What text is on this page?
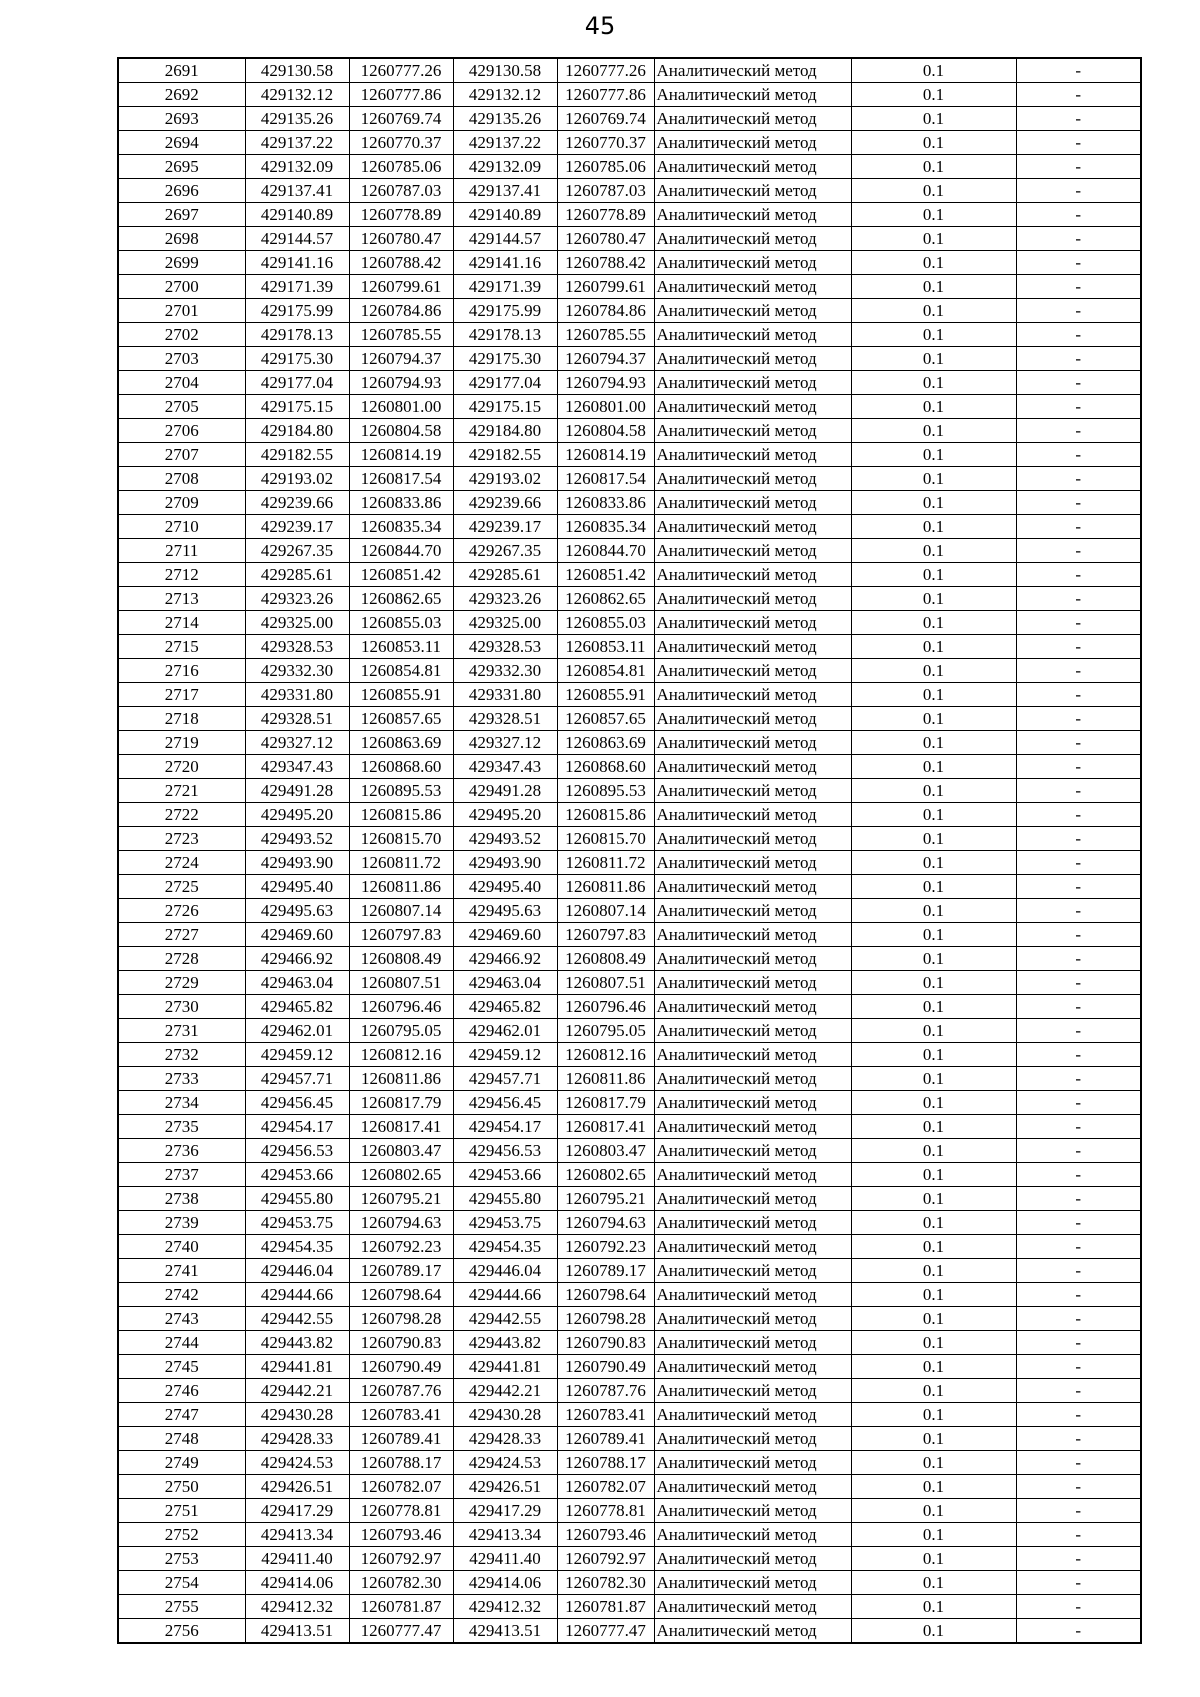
45
2691	429130.58	1260777.26	429130.58	1260777.26	Аналитический метод	0.1	-
2692	429132.12	1260777.86	429132.12	1260777.86	Аналитический метод	0.1	-
2693	429135.26	1260769.74	429135.26	1260769.74	Аналитический метод	0.1	-
2694	429137.22	1260770.37	429137.22	1260770.37	Аналитический метод	0.1	-
2695	429132.09	1260785.06	429132.09	1260785.06	Аналитический метод	0.1	-
2696	429137.41	1260787.03	429137.41	1260787.03	Аналитический метод	0.1	-
2697	429140.89	1260778.89	429140.89	1260778.89	Аналитический метод	0.1	-
2698	429144.57	1260780.47	429144.57	1260780.47	Аналитический метод	0.1	-
2699	429141.16	1260788.42	429141.16	1260788.42	Аналитический метод	0.1	-
2700	429171.39	1260799.61	429171.39	1260799.61	Аналитический метод	0.1	-
2701	429175.99	1260784.86	429175.99	1260784.86	Аналитический метод	0.1	-
2702	429178.13	1260785.55	429178.13	1260785.55	Аналитический метод	0.1	-
2703	429175.30	1260794.37	429175.30	1260794.37	Аналитический метод	0.1	-
2704	429177.04	1260794.93	429177.04	1260794.93	Аналитический метод	0.1	-
2705	429175.15	1260801.00	429175.15	1260801.00	Аналитический метод	0.1	-
2706	429184.80	1260804.58	429184.80	1260804.58	Аналитический метод	0.1	-
2707	429182.55	1260814.19	429182.55	1260814.19	Аналитический метод	0.1	-
2708	429193.02	1260817.54	429193.02	1260817.54	Аналитический метод	0.1	-
2709	429239.66	1260833.86	429239.66	1260833.86	Аналитический метод	0.1	-
2710	429239.17	1260835.34	429239.17	1260835.34	Аналитический метод	0.1	-
2711	429267.35	1260844.70	429267.35	1260844.70	Аналитический метод	0.1	-
2712	429285.61	1260851.42	429285.61	1260851.42	Аналитический метод	0.1	-
2713	429323.26	1260862.65	429323.26	1260862.65	Аналитический метод	0.1	-
2714	429325.00	1260855.03	429325.00	1260855.03	Аналитический метод	0.1	-
2715	429328.53	1260853.11	429328.53	1260853.11	Аналитический метод	0.1	-
2716	429332.30	1260854.81	429332.30	1260854.81	Аналитический метод	0.1	-
2717	429331.80	1260855.91	429331.80	1260855.91	Аналитический метод	0.1	-
2718	429328.51	1260857.65	429328.51	1260857.65	Аналитический метод	0.1	-
2719	429327.12	1260863.69	429327.12	1260863.69	Аналитический метод	0.1	-
2720	429347.43	1260868.60	429347.43	1260868.60	Аналитический метод	0.1	-
2721	429491.28	1260895.53	429491.28	1260895.53	Аналитический метод	0.1	-
2722	429495.20	1260815.86	429495.20	1260815.86	Аналитический метод	0.1	-
2723	429493.52	1260815.70	429493.52	1260815.70	Аналитический метод	0.1	-
2724	429493.90	1260811.72	429493.90	1260811.72	Аналитический метод	0.1	-
2725	429495.40	1260811.86	429495.40	1260811.86	Аналитический метод	0.1	-
2726	429495.63	1260807.14	429495.63	1260807.14	Аналитический метод	0.1	-
2727	429469.60	1260797.83	429469.60	1260797.83	Аналитический метод	0.1	-
2728	429466.92	1260808.49	429466.92	1260808.49	Аналитический метод	0.1	-
2729	429463.04	1260807.51	429463.04	1260807.51	Аналитический метод	0.1	-
2730	429465.82	1260796.46	429465.82	1260796.46	Аналитический метод	0.1	-
2731	429462.01	1260795.05	429462.01	1260795.05	Аналитический метод	0.1	-
2732	429459.12	1260812.16	429459.12	1260812.16	Аналитический метод	0.1	-
2733	429457.71	1260811.86	429457.71	1260811.86	Аналитический метод	0.1	-
2734	429456.45	1260817.79	429456.45	1260817.79	Аналитический метод	0.1	-
2735	429454.17	1260817.41	429454.17	1260817.41	Аналитический метод	0.1	-
2736	429456.53	1260803.47	429456.53	1260803.47	Аналитический метод	0.1	-
2737	429453.66	1260802.65	429453.66	1260802.65	Аналитический метод	0.1	-
2738	429455.80	1260795.21	429455.80	1260795.21	Аналитический метод	0.1	-
2739	429453.75	1260794.63	429453.75	1260794.63	Аналитический метод	0.1	-
2740	429454.35	1260792.23	429454.35	1260792.23	Аналитический метод	0.1	-
2741	429446.04	1260789.17	429446.04	1260789.17	Аналитический метод	0.1	-
2742	429444.66	1260798.64	429444.66	1260798.64	Аналитический метод	0.1	-
2743	429442.55	1260798.28	429442.55	1260798.28	Аналитический метод	0.1	-
2744	429443.82	1260790.83	429443.82	1260790.83	Аналитический метод	0.1	-
2745	429441.81	1260790.49	429441.81	1260790.49	Аналитический метод	0.1	-
2746	429442.21	1260787.76	429442.21	1260787.76	Аналитический метод	0.1	-
2747	429430.28	1260783.41	429430.28	1260783.41	Аналитический метод	0.1	-
2748	429428.33	1260789.41	429428.33	1260789.41	Аналитический метод	0.1	-
2749	429424.53	1260788.17	429424.53	1260788.17	Аналитический метод	0.1	-
2750	429426.51	1260782.07	429426.51	1260782.07	Аналитический метод	0.1	-
2751	429417.29	1260778.81	429417.29	1260778.81	Аналитический метод	0.1	-
2752	429413.34	1260793.46	429413.34	1260793.46	Аналитический метод	0.1	-
2753	429411.40	1260792.97	429411.40	1260792.97	Аналитический метод	0.1	-
2754	429414.06	1260782.30	429414.06	1260782.30	Аналитический метод	0.1	-
2755	429412.32	1260781.87	429412.32	1260781.87	Аналитический метод	0.1	-
2756	429413.51	1260777.47	429413.51	1260777.47	Аналитический метод	0.1	-
